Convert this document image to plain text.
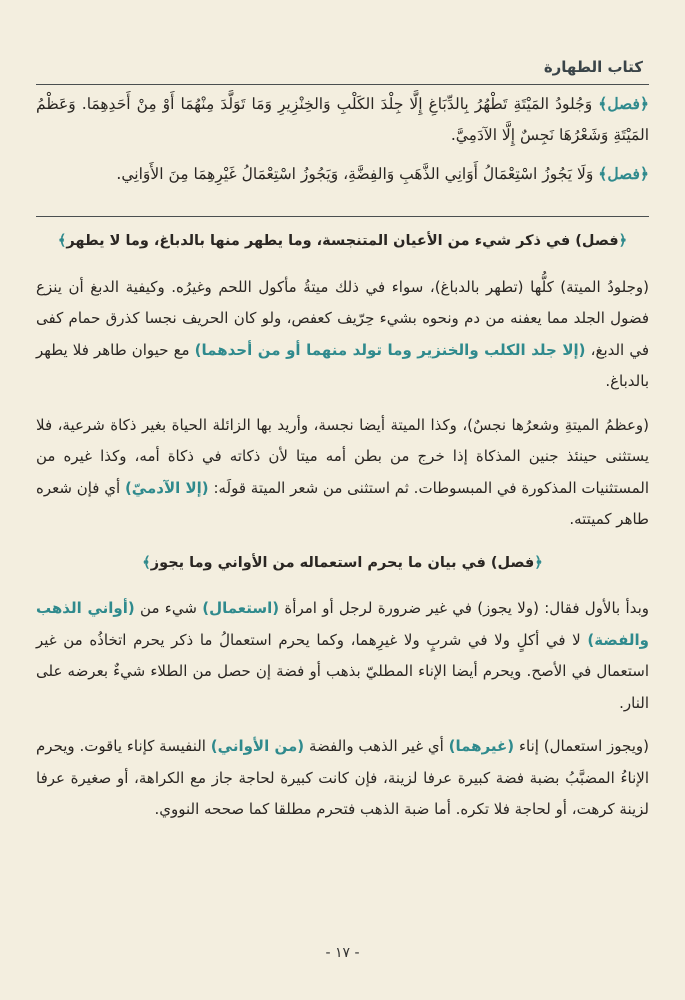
كتاب الطهارة

﴿فصل﴾ وَجُلودُ المَيْتَةِ تَطْهُرُ بِالدِّبَاغِ إِلَّا جِلْدَ الكَلْبِ وَالخِنْزِيرِ وَمَا تَوَلَّدَ مِنْهُمَا أَوْ مِنْ أَحَدِهِمَا. وَعَظْمُ المَيْتَةِ وَشَعْرُهَا نَجِسٌ إِلَّا الآدَمِيَّ.

﴿فصل﴾ وَلَا يَجُوزُ اسْتِعْمَالُ أَوَانِي الذَّهَبِ وَالفِضَّةِ، وَيَجُوزُ اسْتِعْمَالُ غَيْرِهِمَا مِنَ الأَوَانِي.

﴿فصل) في ذكر شيء من الأعيان المتنجسة، وما يطهر منها بالدباغ، وما لا يطهر﴾

(وجلودُ الميتة) كلُّها (تطهر بالدباغ)، سواء في ذلك ميتةُ مأكول اللحم وغيرُه. وكيفية الدبغ أن ينزع فضول الجلد مما يعفنه من دم ونحوه بشيء حِرّيف كعفص، ولو كان الحريف نجسا كذرق حمام كفى في الدبغ، (إلا جلد الكلب والخنزير وما تولد منهما أو من أحدهما) مع حيوان طاهر فلا يطهر بالدباغ.

(وعظمُ الميتةِ وشعرُها نجسٌ)، وكذا الميتة أيضا نجسة، وأريد بها الزائلة الحياة بغير ذكاة شرعية، فلا يستثنى حينئذ جنين المذكاة إذا خرج من بطن أمه ميتا لأن ذكاته في ذكاة أمه، وكذا غيره من المستثنيات المذكورة في المبسوطات. ثم استثنى من شعر الميتة قولَه: (إلا الآدميّ) أي فإن شعره طاهر كميتته.

﴿فصل) في بيان ما يحرم استعماله من الأواني وما يجوز﴾

وبدأ بالأول فقال: (ولا يجوز) في غير ضرورة لرجل أو امرأة (استعمال) شيء من (أواني الذهب والفضة) لا في أكلٍ ولا في شربٍ ولا غيرِهما، وكما يحرم استعمالُ ما ذكر يحرم اتخاذُه من غير استعمال في الأصح. ويحرم أيضا الإناء المطليّ بذهب أو فضة إن حصل من الطلاء شيءٌ بعرضه على النار.

(ويجوز استعمال) إناء (غيرهما) أي غير الذهب والفضة (من الأواني) النفيسة كإناء ياقوت. ويحرم الإناءُ المضبَّبُ بضبة فضة كبيرة عرفا لزينة، فإن كانت كبيرة لحاجة جاز مع الكراهة، أو صغيرة عرفا لزينة كرهت، أو لحاجة فلا تكره. أما ضبة الذهب فتحرم مطلقا كما صححه النووي.

- ١٧ -
